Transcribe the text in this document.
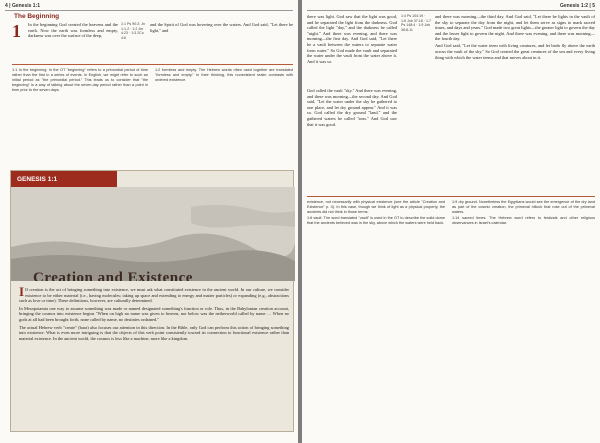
4 | Genesis 1:1
The Beginning
1 In the beginning God created the heavens and the earth. Now the earth was formless and empty, darkness was over the surface of the deep,

1:1 Ps 90:2; Jn 1:1-2 · 1:2 Jer 4:23 · 1:3 2Co 4:6

and the Spirit of God was hovering over the waters. And God said, "Let there be light," and

1:1 In the beginning. In the OT "beginning" refers to a primordial period of time rather than the first in a series of events. In English, we might refer to such an initial period as "the primordial period." This leads us to consider that "the beginning" is a way of talking about the seven-day period rather than a point in time prior to the seven days.

1:2 formless and empty. The Hebrew words often used together are translated "formless and empty." In their thinking, this nonexistent realm contrasts with ordered existence.

GENESIS 1:1
Creation and Existence

I If creation is the act of bringing something into existence, we must ask what constituted existence in the ancient world. In our culture, we consider existence to be either material (i.e., having molecules; taking up space and extending to energy and matter particles) or expanding (e.g., abstractions such as love or time). These definitions, however, are culturally determined.

In Mesopotamia one way to assume something was made or named designated something's function or role. Thus, in the Babylonian creation account, bringing the cosmos into existence begins "When on high no name was given to heaven, nor below was the netherworld called by name … When no gods at all had been brought forth, none called by name, no destinies ordained."

The actual Hebrew verb "create" (bara) also focuses our attention in this direction. In the Bible, only God can perform this action of bringing something into existence. What is even more intriguing is that the objects of this verb point consistently toward its connection to functional existence rather than material existence. In the ancient world, the cosmos is less like a machine, more like a kingdom.

Genesis 1:2 | 5

there was light. God saw that the light was good, and he separated the light from the darkness. God called the light "day," and the darkness he called "night." And there was evening, and there was morning—the first day. And God said, "Let there be a vault between the waters to separate water from water." So God made the vault and separated the water under the vault from the water above it. And it was so.

God called the vault "sky." And there was evening, and there was morning—the second day. And God said, "Let the water under the sky be gathered to one place, and let dry ground appear." And it was so. God called the dry ground "land," and the gathered waters he called "seas." And God saw that it was good.

1:4 Ps 104:19 · 1:6 Job 37:18 · 1:7 Ps 148:4 · 1:9 Job 38:8-11

and there was morning—the third day. And God said, "Let there be lights in the vault of the sky to separate the day from the night, and let them serve as signs to mark sacred times, and days and years." God made two great lights—the greater light to govern the day and the lesser light to govern the night. And there was evening, and there was morning—the fourth day.

And God said, "Let the water teem with living creatures, and let birds fly above the earth across the vault of the sky." So God created the great creatures of the sea and every living thing with which the water teems and that moves about in it.

existence, not necessarily with physical existence (see the article "Creation and Existence" p. 4). In this case, though we think of light as a physical property, the ancients did not think in those terms.

1:6 vault. The word translated "vault" is used in the OT to describe the solid dome that the ancients believed was in the sky, above which the waters were held back.

1:9 dry ground. Nonetheless the Egyptians would see the emergence of the dry land as part of the cosmic creation, the primeval hillock that rose out of the primeval waters.

1:14 sacred times. The Hebrew word refers to festivals and other religious observances in Israel's calendar.
